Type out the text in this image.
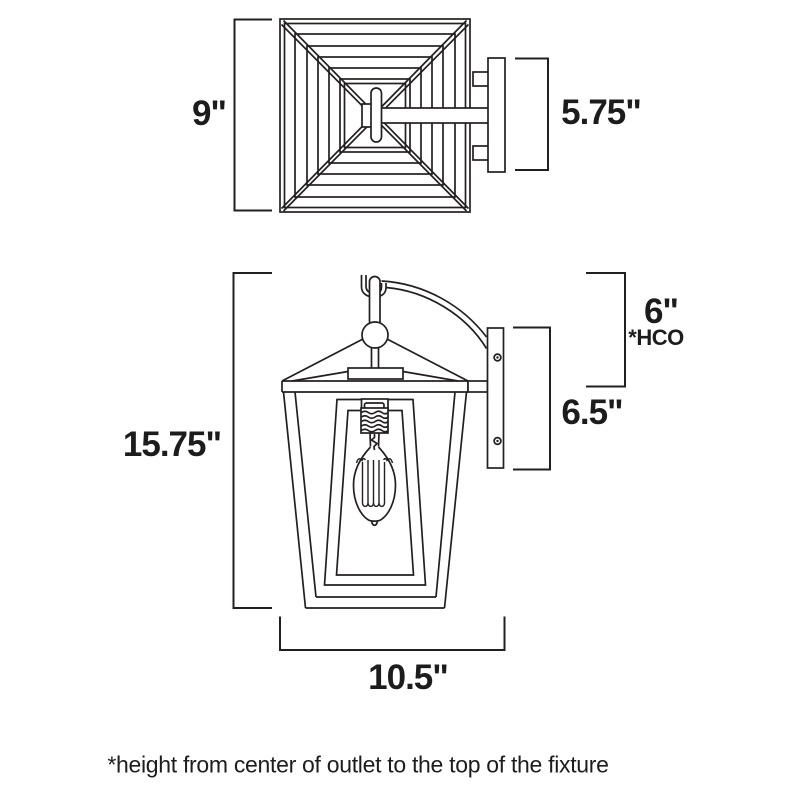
9"	5.75"
15.75"
6"
*HCO
6.5"
10.5"
*height from center of outlet to the top of the fixture
